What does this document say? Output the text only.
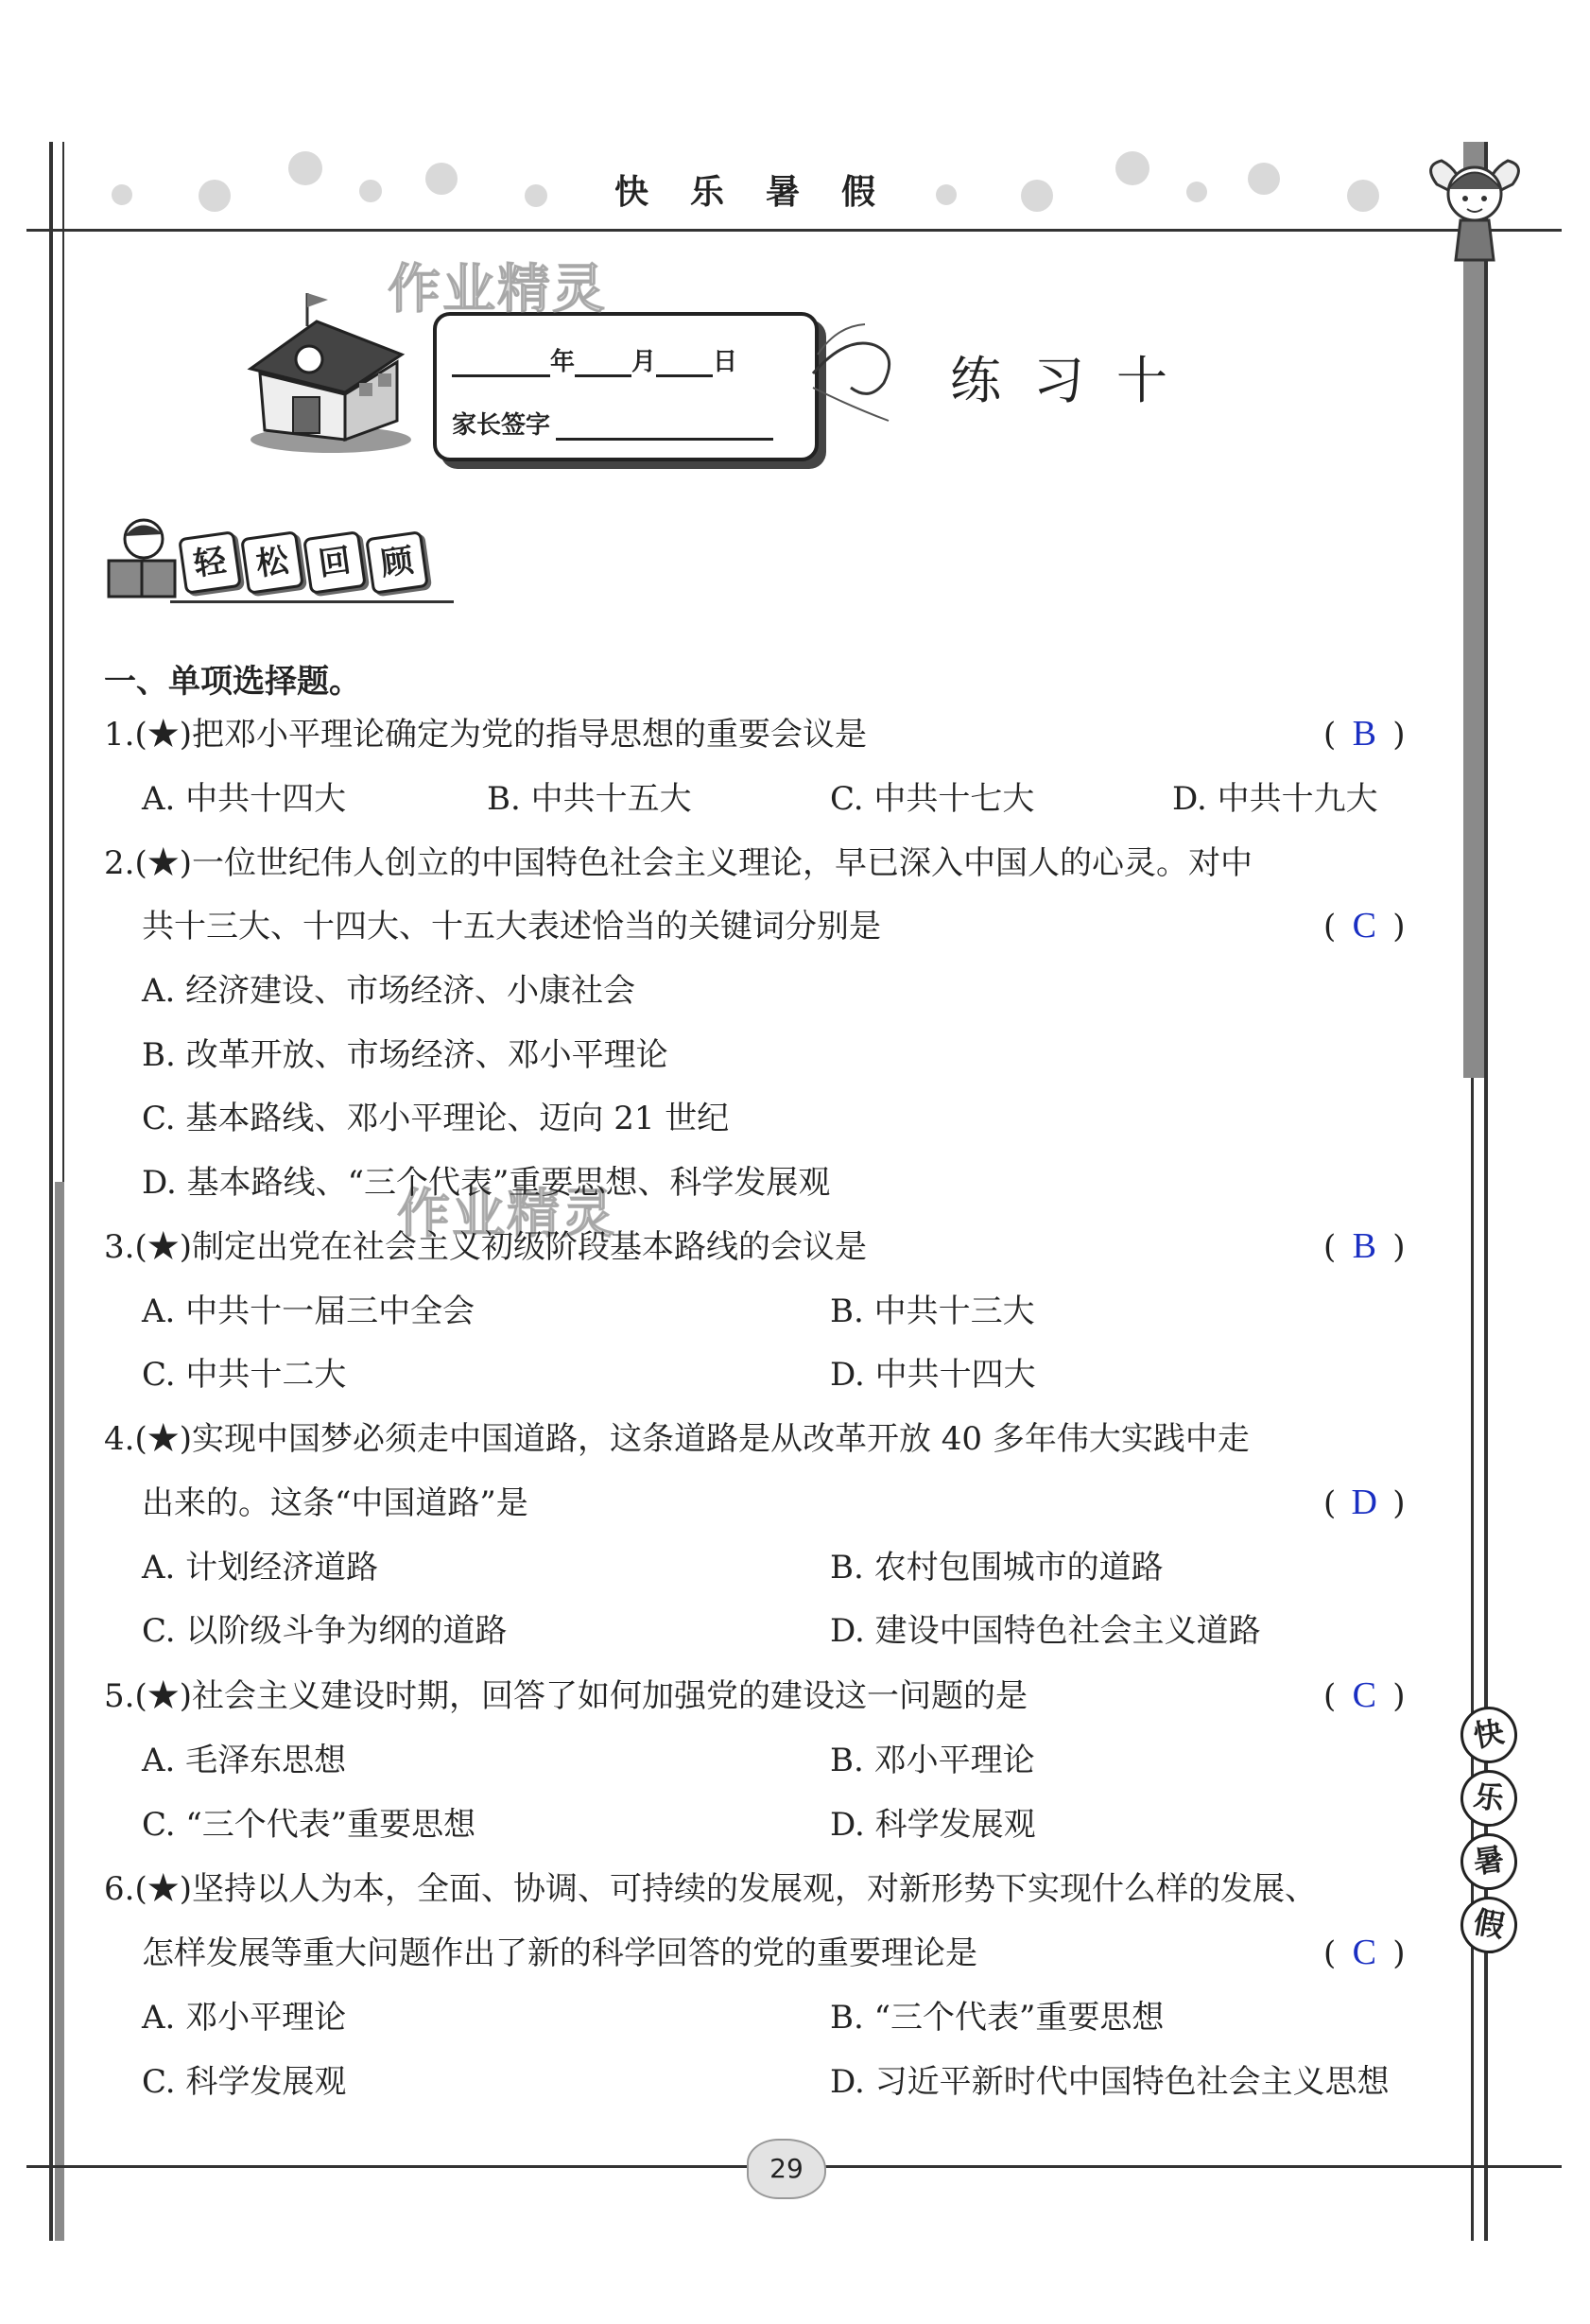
快乐暑假
年 月 日
家长签字
练习十
作业精灵
作业精灵
轻 松 回 顾
一、单项选择题。
1.(★)把邓小平理论确定为党的指导思想的重要会议是	( B )
A. 中共十四大	B. 中共十五大	C. 中共十七大	D. 中共十九大
2.(★)一位世纪伟人创立的中国特色社会主义理论，早已深入中国人的心灵。对中
共十三大、十四大、十五大表述恰当的关键词分别是	( C )
A. 经济建设、市场经济、小康社会
B. 改革开放、市场经济、邓小平理论
C. 基本路线、邓小平理论、迈向 21 世纪
D. 基本路线、“三个代表”重要思想、科学发展观
3.(★)制定出党在社会主义初级阶段基本路线的会议是	( B )
A. 中共十一届三中全会	B. 中共十三大
C. 中共十二大	D. 中共十四大
4.(★)实现中国梦必须走中国道路，这条道路是从改革开放 40 多年伟大实践中走
出来的。这条“中国道路”是	( D )
A. 计划经济道路	B. 农村包围城市的道路
C. 以阶级斗争为纲的道路	D. 建设中国特色社会主义道路
5.(★)社会主义建设时期，回答了如何加强党的建设这一问题的是	( C )
A. 毛泽东思想	B. 邓小平理论
C. “三个代表”重要思想	D. 科学发展观
6.(★)坚持以人为本，全面、协调、可持续的发展观，对新形势下实现什么样的发展、
怎样发展等重大问题作出了新的科学回答的党的重要理论是	( C )
A. 邓小平理论	B. “三个代表”重要思想
C. 科学发展观	D. 习近平新时代中国特色社会主义思想
快
乐
暑
假
29
